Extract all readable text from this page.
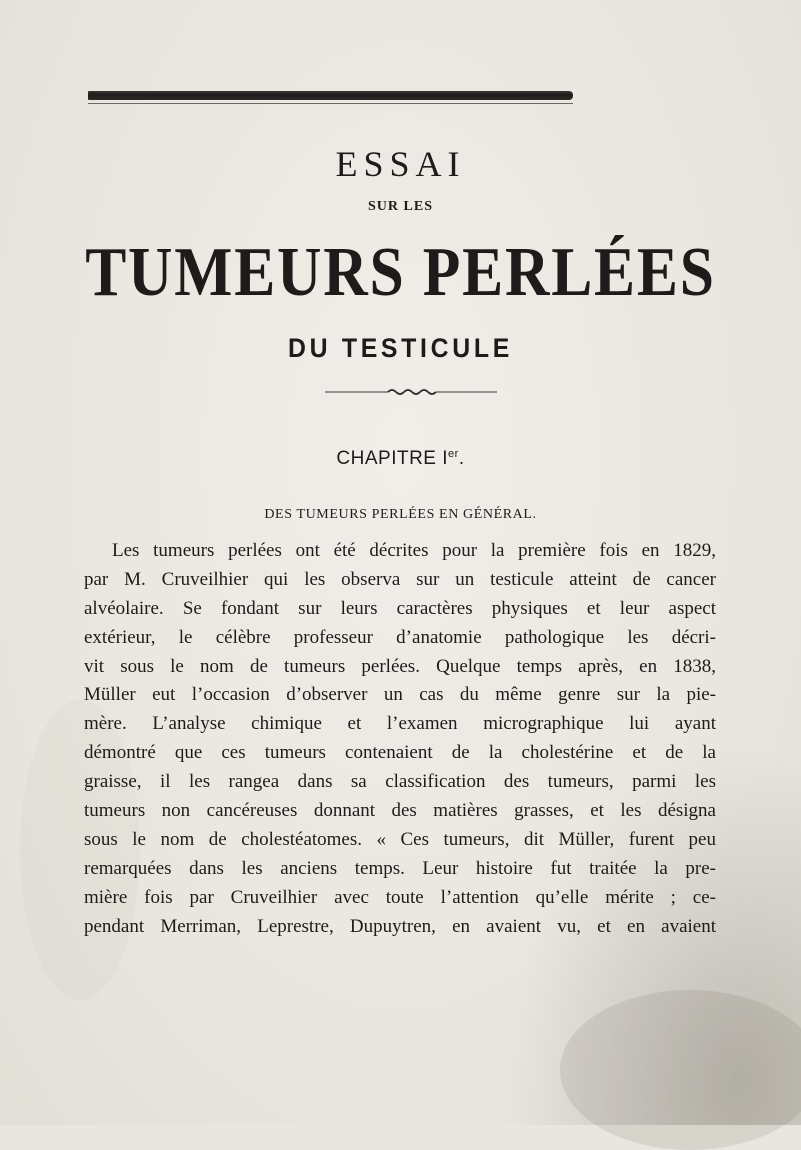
ESSAI
SUR LES
TUMEURS PERLÉES
DU TESTICULE
CHAPITRE Ier.
DES TUMEURS PERLÉES EN GÉNÉRAL.
Les tumeurs perlées ont été décrites pour la première fois en 1829,
par M. Cruveilhier qui les observa sur un testicule atteint de cancer
alvéolaire. Se fondant sur leurs caractères physiques et leur aspect
extérieur, le célèbre professeur d’anatomie pathologique les décri-
vit sous le nom de tumeurs perlées. Quelque temps après, en 1838,
Müller eut l’occasion d’observer un cas du même genre sur la pie-
mère. L’analyse chimique et l’examen micrographique lui ayant
démontré que ces tumeurs contenaient de la cholestérine et de la
graisse, il les rangea dans sa classification des tumeurs, parmi les
tumeurs non cancéreuses donnant des matières grasses, et les désigna
sous le nom de cholestéatomes. « Ces tumeurs, dit Müller, furent peu
remarquées dans les anciens temps. Leur histoire fut traitée la pre-
mière fois par Cruveilhier avec toute l’attention qu’elle mérite ; ce-
pendant Merriman, Leprestre, Dupuytren, en avaient vu, et en avaient
